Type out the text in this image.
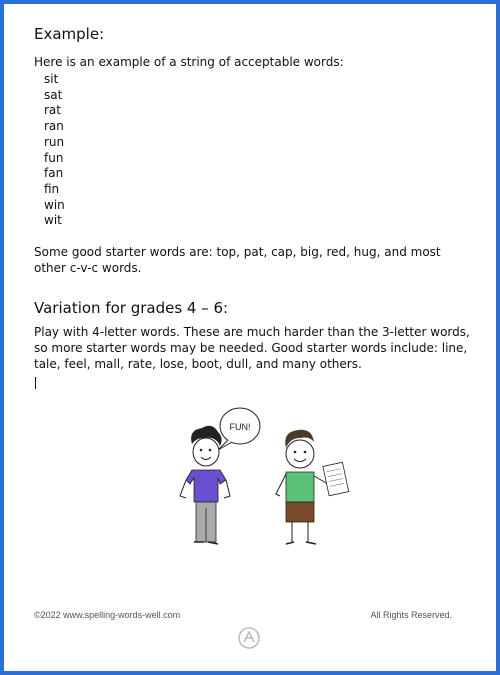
Example:

Here is an example of a string of acceptable words:

sit
sat
rat
ran
run
fun
fan
fin
win
wit

Some good starter words are: top, pat, cap, big, red, hug, and most other c-v-c words.

Variation for grades 4 – 6:

Play with 4-letter words. These are much harder than the 3-letter words, so more starter words may be needed. Good starter words include: line, tale, feel, mall, rate, lose, boot, dull, and many others.

FUN!
©2022 www.spelling-words-well.com	All Rights Reserved.
